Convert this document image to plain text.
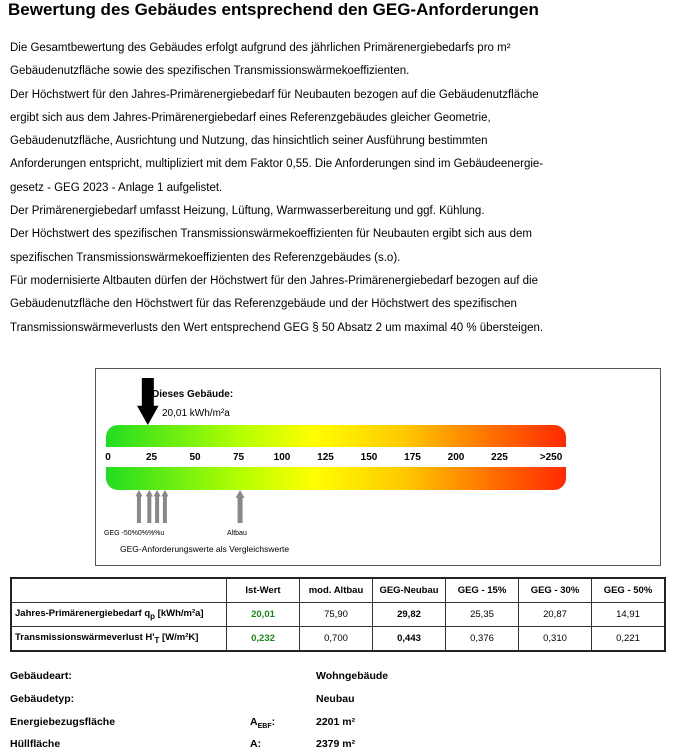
Bewertung des Gebäudes entsprechend den GEG-Anforderungen
Die Gesamtbewertung des Gebäudes erfolgt aufgrund des jährlichen Primärenergiebedarfs pro m²
Gebäudenutzfläche sowie des spezifischen Transmissionswärmekoeffizienten.
Der Höchstwert für den Jahres-Primärenergiebedarf für Neubauten bezogen auf die Gebäudenutzfläche
ergibt sich aus dem Jahres-Primärenergiebedarf eines Referenzgebäudes gleicher Geometrie,
Gebäudenutzfläche, Ausrichtung und Nutzung, das hinsichtlich seiner Ausführung bestimmten
Anforderungen entspricht, multipliziert mit dem Faktor 0,55. Die Anforderungen sind im Gebäudeenergie-
gesetz - GEG 2023 - Anlage 1 aufgelistet.
Der Primärenergiebedarf umfasst Heizung, Lüftung, Warmwasserbereitung und ggf. Kühlung.
Der Höchstwert des spezifischen Transmissionswärmekoeffizienten für Neubauten ergibt sich aus dem
spezifischen Transmissionswärmekoeffizienten des Referenzgebäudes (s.o).
Für modernisierte Altbauten dürfen der Höchstwert für den Jahres-Primärenergiebedarf bezogen auf die
Gebäudenutzfläche den Höchstwert für das Referenzgebäude und der Höchstwert des spezifischen
Transmissionswärmeverlusts den Wert entsprechend GEG § 50 Absatz 2 um maximal 40 % übersteigen.
0	25	50	75	100	125	150	175	200	225	>250
Dieses Gebäude:
20,01 kWh/m²a
GEG -50%0%%%u	Altbau
GEG-Anforderungswerte als Vergleichswerte
	Ist-Wert	mod. Altbau	GEG-Neubau	GEG - 15%	GEG - 30%	GEG - 50%
Jahres-Primärenergiebedarf $q_p$ [kWh/m²a]	20,01	75,90	29,82	25,35	20,87	14,91
Transmissionswärmeverlust $H'_T$ [W/m²K]	0,232	0,700	0,443	0,376	0,310	0,221
Gebäudeart:	Wohngebäude
Gebäudetyp:	Neubau
Energiebezugsfläche	$A_{EBF}$:	2201 m²
Hüllfläche	A:	2379 m²
